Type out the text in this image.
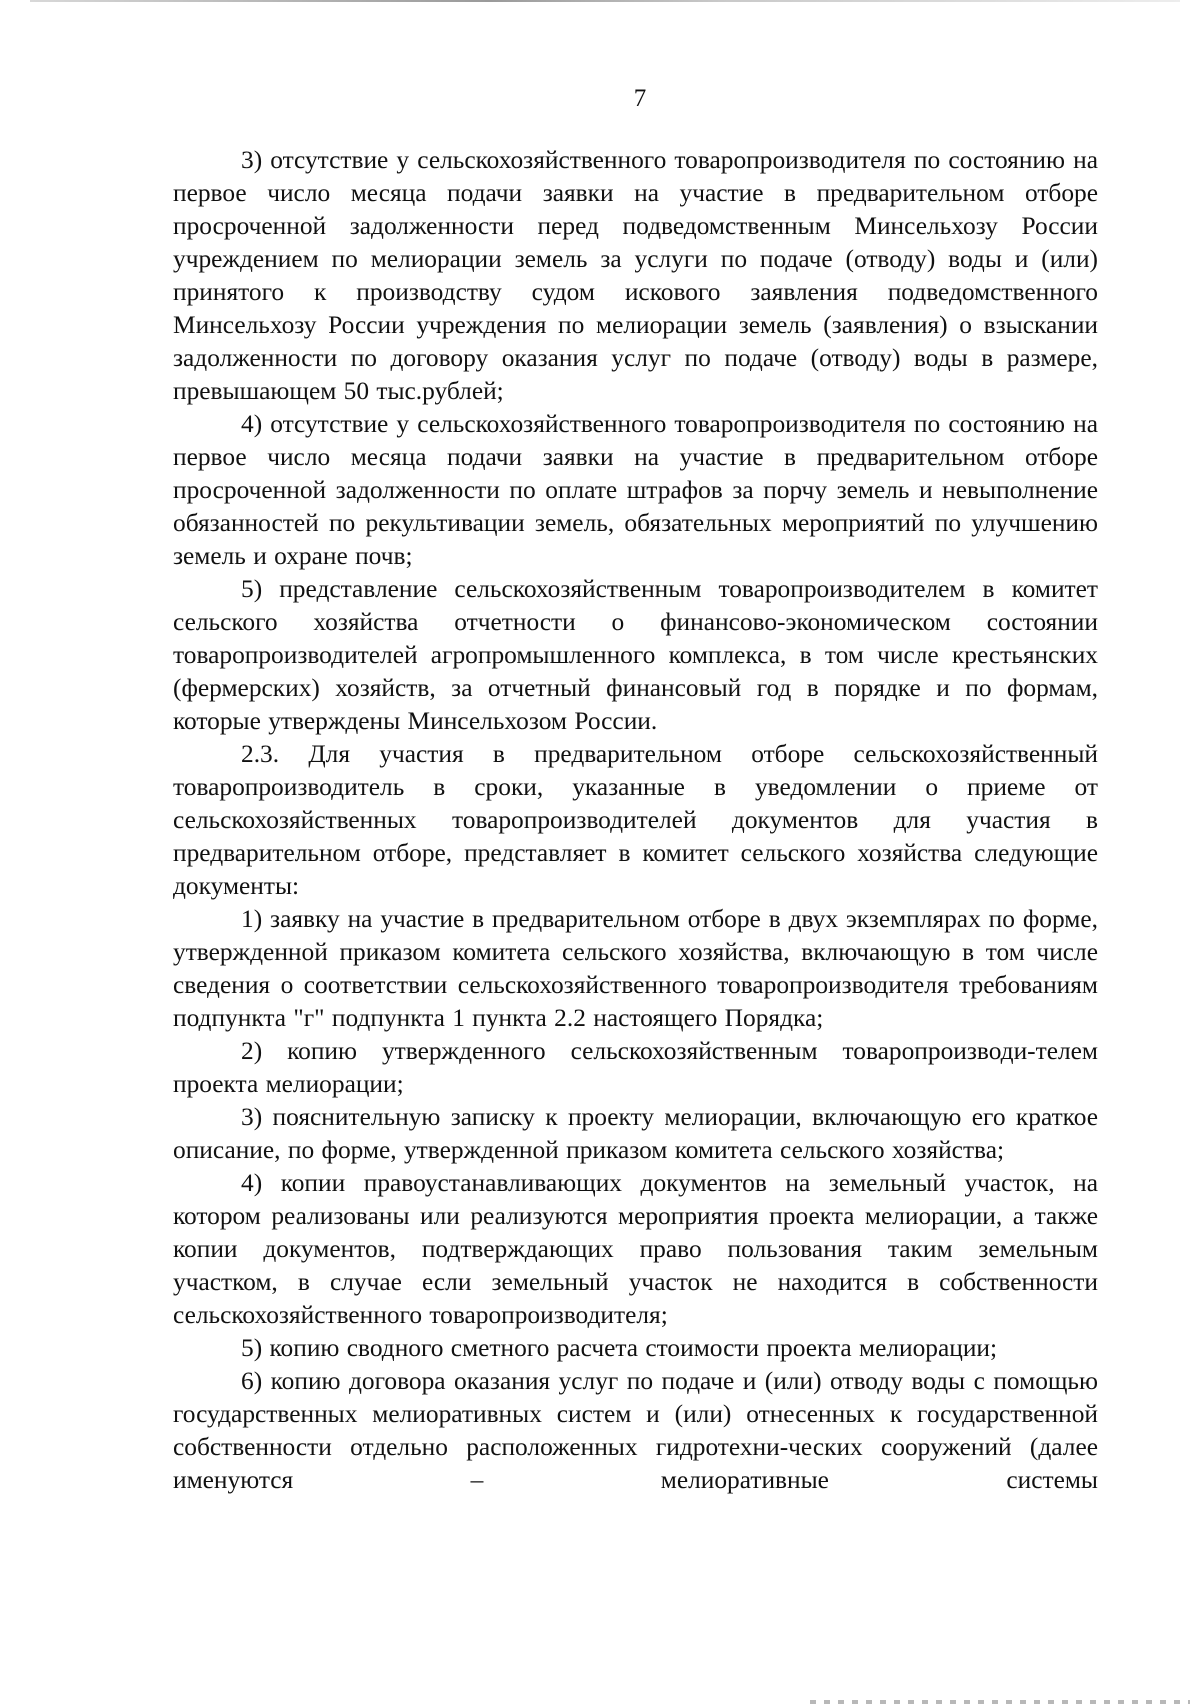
7

3) отсутствие у сельскохозяйственного товаропроизводителя по состоянию на первое число месяца подачи заявки на участие в предварительном отборе просроченной задолженности перед подведомственным Минсельхозу России учреждением по мелиорации земель за услуги по подаче (отводу) воды и (или) принятого к производству судом искового заявления подведомственного Минсельхозу России учреждения по мелиорации земель (заявления) о взыскании задолженности по договору оказания услуг по подаче (отводу) воды в размере, превышающем 50 тыс.рублей;

4) отсутствие у сельскохозяйственного товаропроизводителя по состоянию на первое число месяца подачи заявки на участие в предварительном отборе просроченной задолженности по оплате штрафов за порчу земель и невыполнение обязанностей по рекультивации земель, обязательных мероприятий по улучшению земель и охране почв;

5) представление сельскохозяйственным товаропроизводителем в комитет сельского хозяйства отчетности о финансово-экономическом состоянии товаропроизводителей агропромышленного комплекса, в том числе крестьянских (фермерских) хозяйств, за отчетный финансовый год в порядке и по формам, которые утверждены Минсельхозом России.

2.3. Для участия в предварительном отборе сельскохозяйственный товаропроизводитель в сроки, указанные в уведомлении о приеме от сельскохозяйственных товаропроизводителей документов для участия в предварительном отборе, представляет в комитет сельского хозяйства следующие документы:

1) заявку на участие в предварительном отборе в двух экземплярах по форме, утвержденной приказом комитета сельского хозяйства, включающую в том числе сведения о соответствии сельскохозяйственного товаропроизводителя требованиям подпункта "г" подпункта 1 пункта 2.2 настоящего Порядка;

2) копию утвержденного сельскохозяйственным товаропроизводи-телем проекта мелиорации;

3) пояснительную записку к проекту мелиорации, включающую его краткое описание, по форме, утвержденной приказом комитета сельского хозяйства;

4) копии правоустанавливающих документов на земельный участок, на котором реализованы или реализуются мероприятия проекта мелиорации, а также копии документов, подтверждающих право пользования таким земельным участком, в случае если земельный участок не находится в собственности сельскохозяйственного товаропроизводителя;

5) копию сводного сметного расчета стоимости проекта мелиорации;

6) копию договора оказания услуг по подаче и (или) отводу воды с помощью государственных мелиоративных систем и (или) отнесенных к государственной собственности отдельно расположенных гидротехни-ческих сооружений (далее именуются – мелиоративные системы
